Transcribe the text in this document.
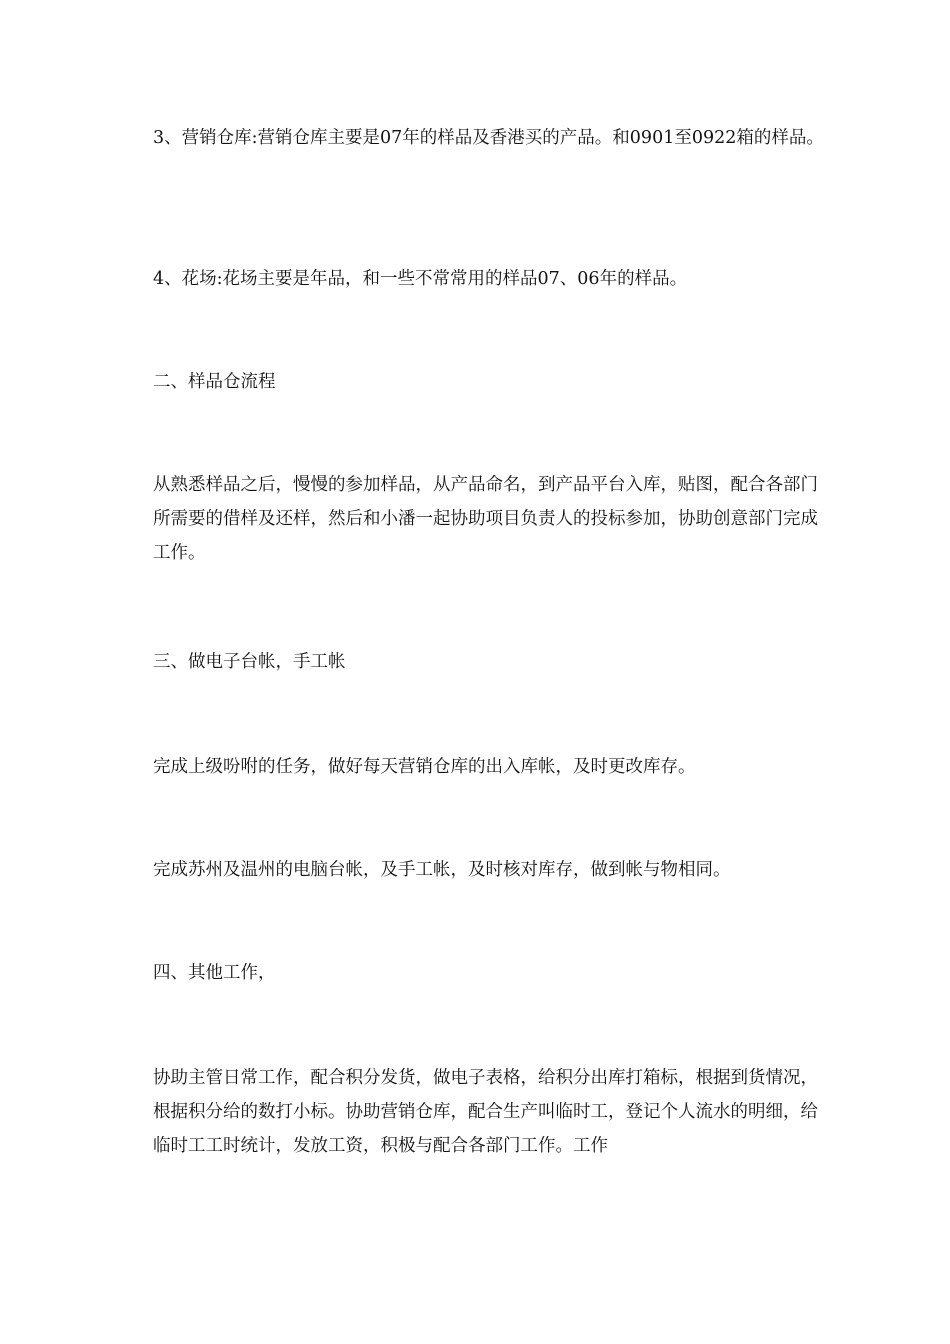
3、营销仓库:营销仓库主要是07年的样品及香港买的产品。和0901至0922箱的样品。
4、花场:花场主要是年品，和一些不常常用的样品07、06年的样品。
二、样品仓流程
从熟悉样品之后，慢慢的参加样品，从产品命名，到产品平台入库，贴图，配合各部门所需要的借样及还样，然后和小潘一起协助项目负责人的投标参加，协助创意部门完成工作。
三、做电子台帐，手工帐
完成上级吩咐的任务，做好每天营销仓库的出入库帐，及时更改库存。
完成苏州及温州的电脑台帐，及手工帐，及时核对库存，做到帐与物相同。
四、其他工作，
协助主管日常工作，配合积分发货，做电子表格，给积分出库打箱标，根据到货情况，根据积分给的数打小标。协助营销仓库，配合生产叫临时工，登记个人流水的明细，给临时工工时统计，发放工资，积极与配合各部门工作。工作
